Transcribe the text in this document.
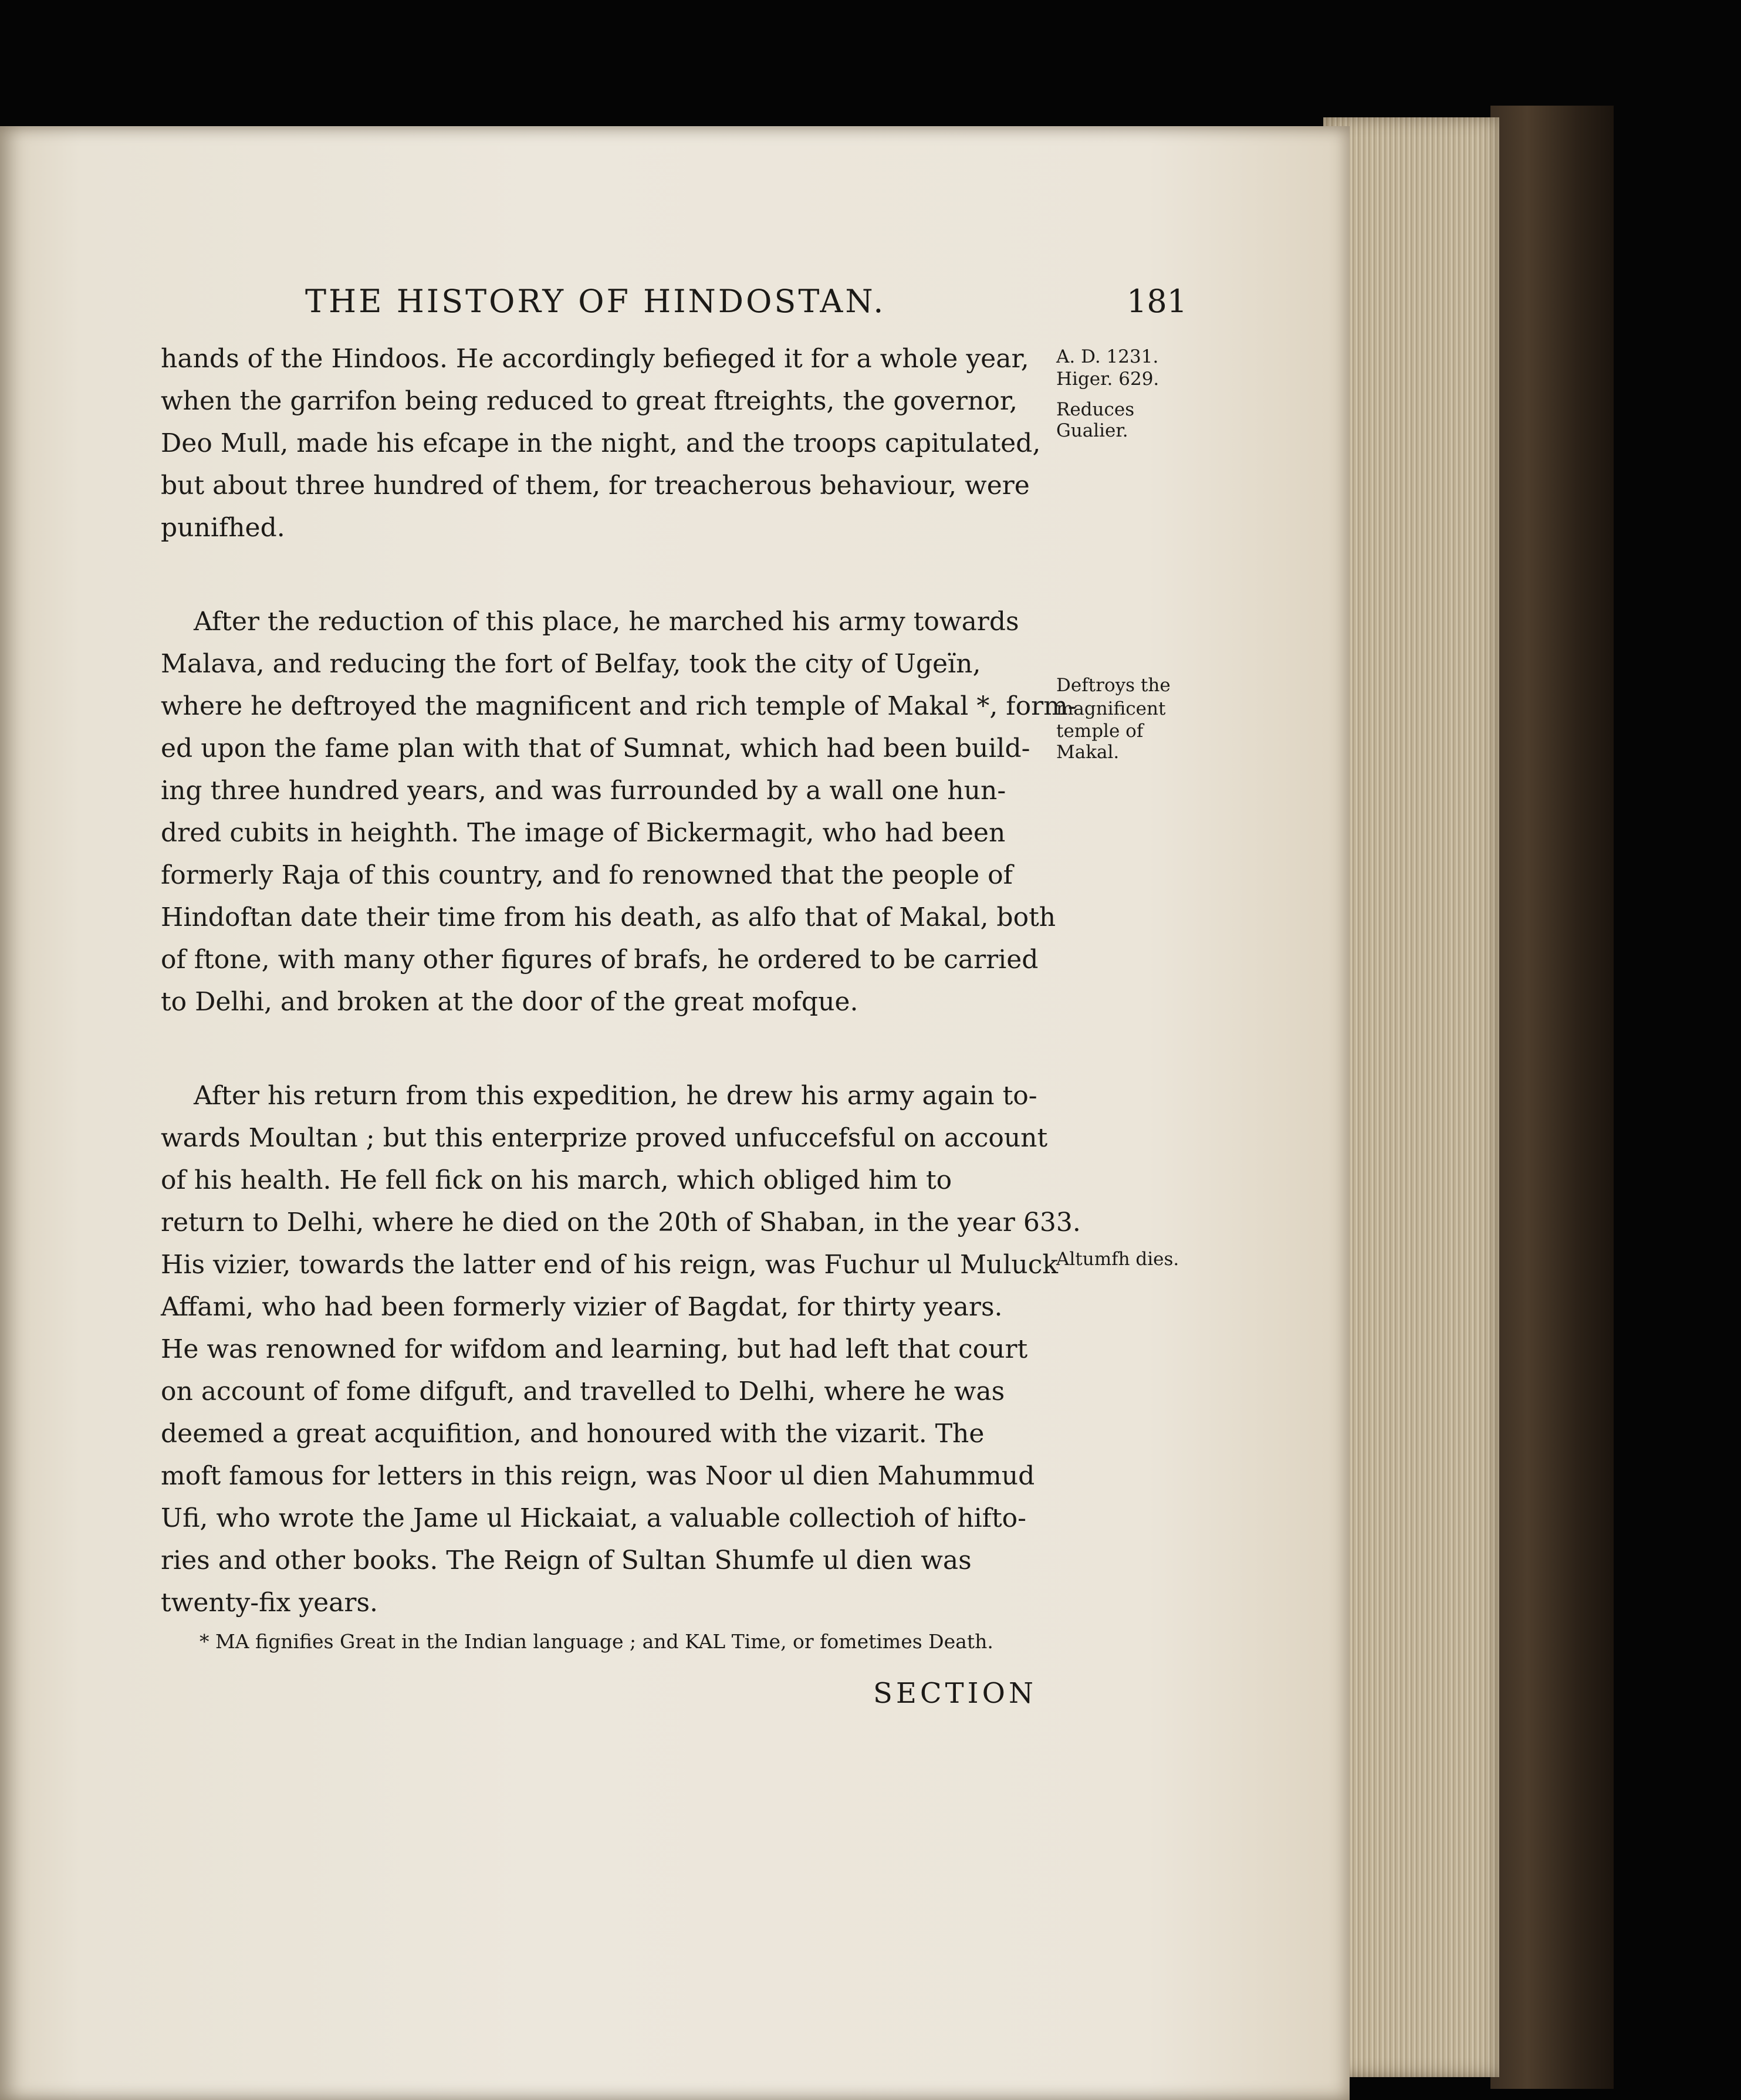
THE HISTORY OF HINDOSTAN.	181
hands of the Hindoos. He accordingly befieged it for a whole year,
when the garrifon being reduced to great ftreights, the governor,
Deo Mull, made his efcape in the night, and the troops capitulated,
but about three hundred of them, for treacherous behaviour, were
punifhed.
After the reduction of this place, he marched his army towards
Malava, and reducing the fort of Belfay, took the city of Ugeïn,
where he deftroyed the magnificent and rich temple of Makal *, form-
ed upon the fame plan with that of Sumnat, which had been build-
ing three hundred years, and was furrounded by a wall one hun-
dred cubits in heighth. The image of Bickermagit, who had been
formerly Raja of this country, and fo renowned that the people of
Hindoftan date their time from his death, as alfo that of Makal, both
of ftone, with many other figures of brafs, he ordered to be carried
to Delhi, and broken at the door of the great mofque.
After his return from this expedition, he drew his army again to-
wards Moultan ; but this enterprize proved unfuccefsful on account
of his health. He fell fick on his march, which obliged him to
return to Delhi, where he died on the 20th of Shaban, in the year 633.
His vizier, towards the latter end of his reign, was Fuchur ul Muluck
Affami, who had been formerly vizier of Bagdat, for thirty years.
He was renowned for wifdom and learning, but had left that court
on account of fome difguft, and travelled to Delhi, where he was
deemed a great acquifition, and honoured with the vizarit. The
moft famous for letters in this reign, was Noor ul dien Mahummud
Ufi, who wrote the Jame ul Hickaiat, a valuable collectioh of hifto-
ries and other books. The Reign of Sultan Shumfe ul dien was
twenty-fix years.
A. D. 1231.
Higer. 629.
Reduces
Gualier.
Deftroys the
magnificent
temple of
Makal.
Altumfh dies.
* MA fignifies Great in the Indian language ; and KAL Time, or fometimes Death.
SECTION
